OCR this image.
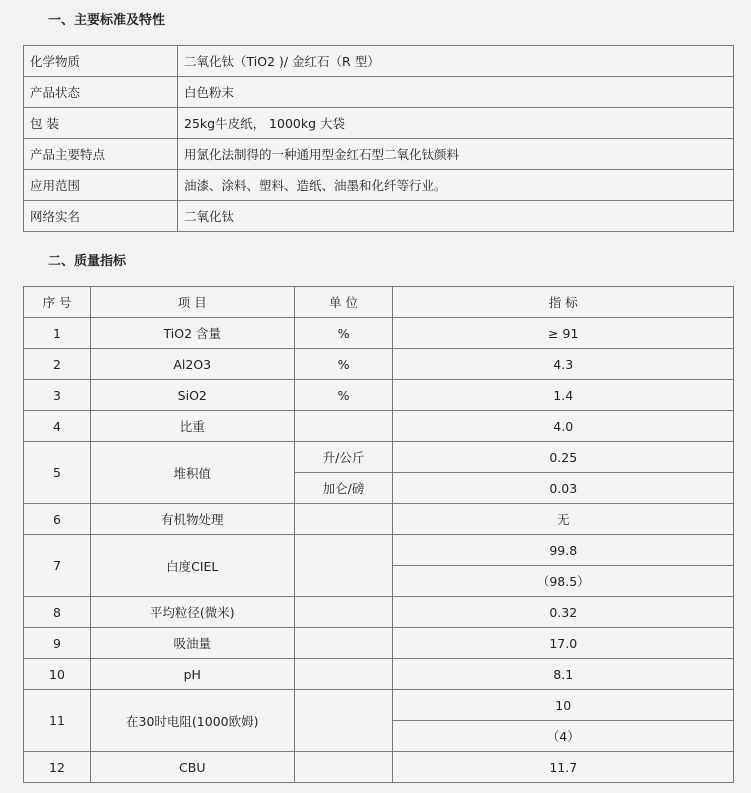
一、主要标准及特性
化学物质	二氧化钛（TiO2 )/ 金红石（R 型）
产品状态	白色粉末
包 装	25kg牛皮纸， 1000kg 大袋
产品主要特点	用氯化法制得的一种通用型金红石型二氧化钛颜料
应用范围	油漆、涂料、塑料、造纸、油墨和化纤等行业。
网络实名	二氧化钛
二、质量指标
序 号	项 目	单 位	指 标
1	TiO2 含量	%	≥ 91
2	Al2O3	%	4.3
3	SiO2	%	1.4
4	比重		4.0
5	堆积值	升/公斤	0.25
		加仑/磅	0.03
6	有机物处理		无
7	白度CIEL		99.8
			（98.5）
8	平均粒径(微米)		0.32
9	吸油量		17.0
10	pH		8.1
11	在30时电阻(1000欧姆)		10
			（4）
12	CBU		11.7
